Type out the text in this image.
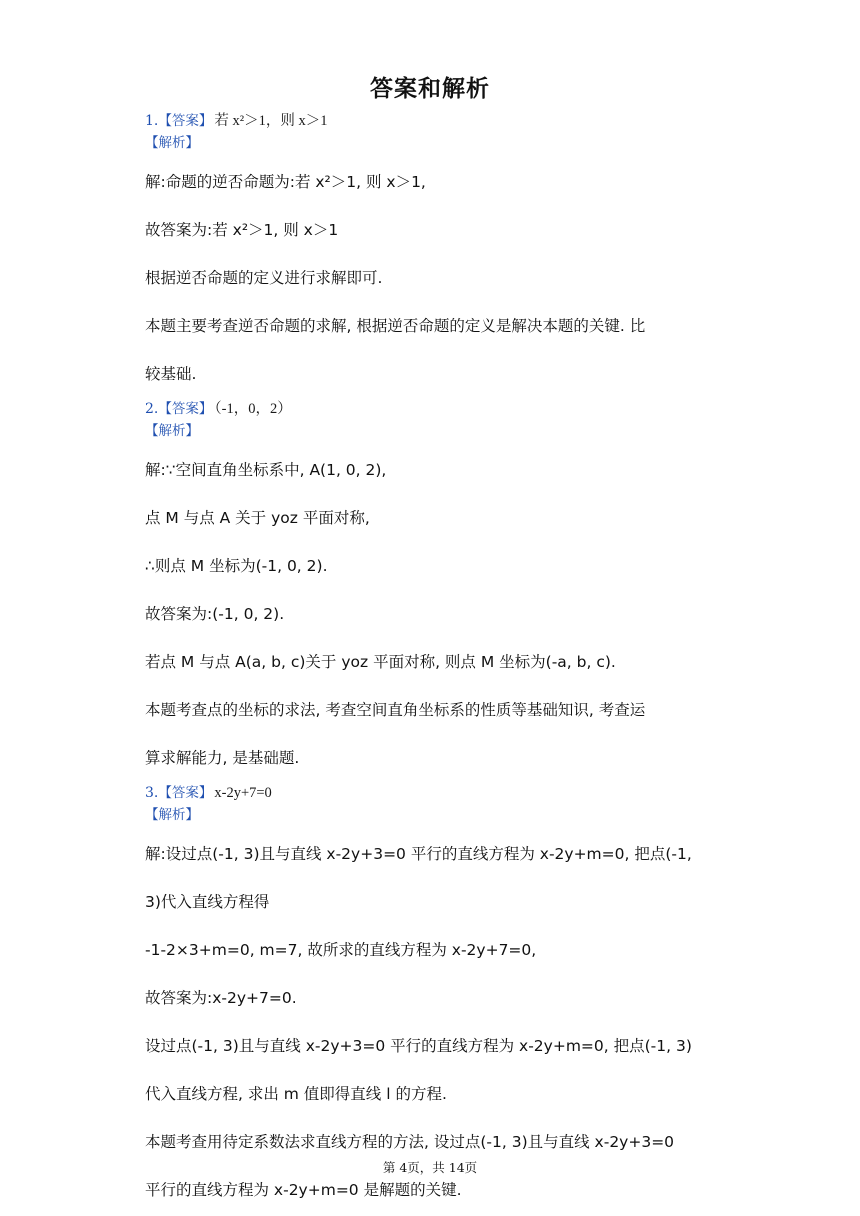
答案和解析
1.【答案】 若 x²＞1，则 x＞1
【解析】

解:命题的逆否命题为:若 x²＞1, 则 x＞1,

故答案为:若 x²＞1, 则 x＞1

根据逆否命题的定义进行求解即可.

本题主要考查逆否命题的求解, 根据逆否命题的定义是解决本题的关键. 比

较基础.

2.【答案】 （-1，0，2）
【解析】

解:∵空间直角坐标系中, A(1, 0, 2),

点 M 与点 A 关于 yoz 平面对称,

∴则点 M 坐标为(-1, 0, 2).

故答案为:(-1, 0, 2).

若点 M 与点 A(a, b, c)关于 yoz 平面对称, 则点 M 坐标为(-a, b, c).

本题考查点的坐标的求法, 考查空间直角坐标系的性质等基础知识, 考查运

算求解能力, 是基础题.

3.【答案】 x-2y+7=0
【解析】

解:设过点(-1, 3)且与直线 x-2y+3=0 平行的直线方程为 x-2y+m=0, 把点(-1,

3)代入直线方程得

-1-2×3+m=0, m=7, 故所求的直线方程为 x-2y+7=0,

故答案为:x-2y+7=0.

设过点(-1, 3)且与直线 x-2y+3=0 平行的直线方程为 x-2y+m=0, 把点(-1, 3)

代入直线方程, 求出 m 值即得直线 l 的方程.

本题考查用待定系数法求直线方程的方法, 设过点(-1, 3)且与直线 x-2y+3=0

平行的直线方程为 x-2y+m=0 是解题的关键.

第 4页，共 14页
